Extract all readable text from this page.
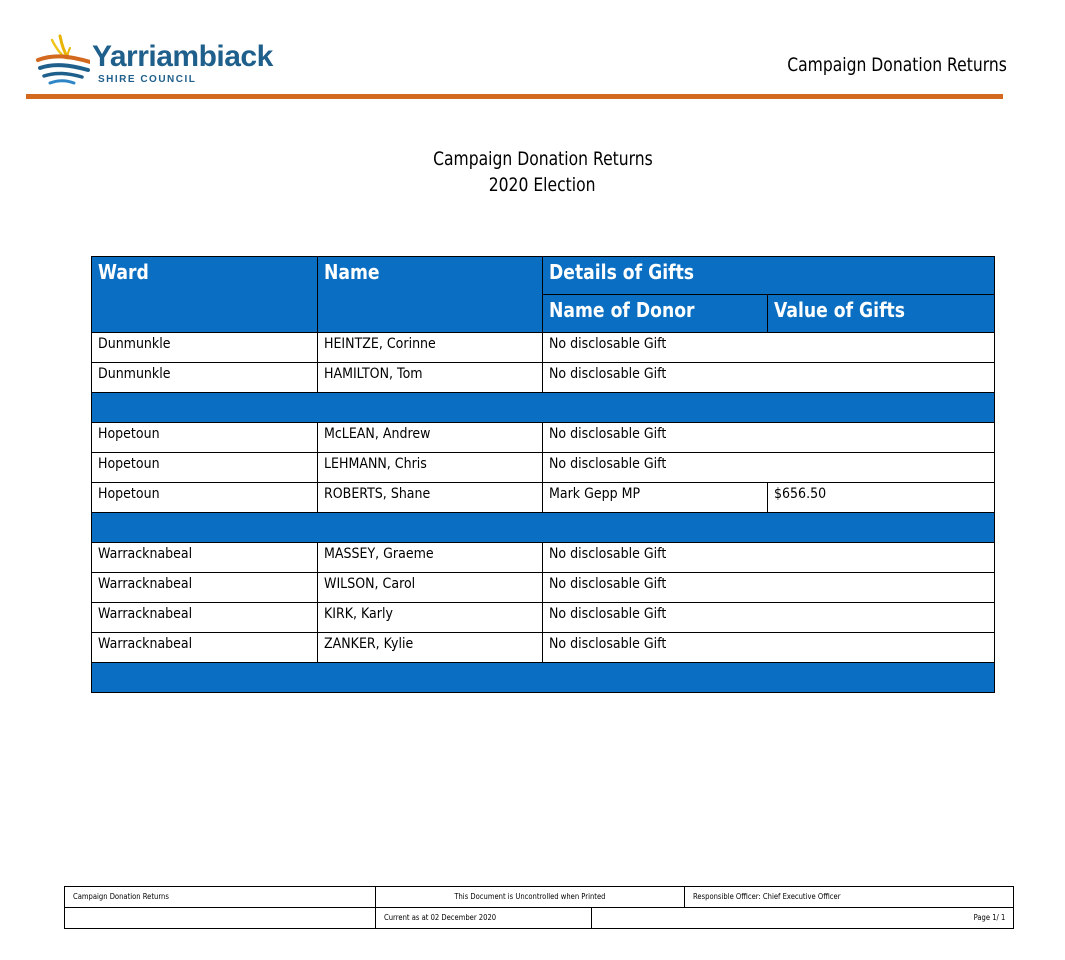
Yarriambiack
SHIRE COUNCIL
Campaign Donation Returns
Campaign Donation Returns
2020 Election
Ward	Name	Details of Gifts	
		Name of Donor	Value of Gifts
Dunmunkle	HEINTZE, Corinne	No disclosable Gift	
Dunmunkle	HAMILTON, Tom	No disclosable Gift	

Hopetoun	McLEAN, Andrew	No disclosable Gift	
Hopetoun	LEHMANN, Chris	No disclosable Gift	
Hopetoun	ROBERTS, Shane	Mark Gepp MP	$656.50

Warracknabeal	MASSEY, Graeme	No disclosable Gift	
Warracknabeal	WILSON, Carol	No disclosable Gift	
Warracknabeal	KIRK, Karly	No disclosable Gift	
Warracknabeal	ZANKER, Kylie	No disclosable Gift	

Campaign Donation Returns	This Document is Uncontrolled when Printed		Responsible Officer: Chief Executive Officer
	Current as at 02 December 2020	Page 1/ 1	
